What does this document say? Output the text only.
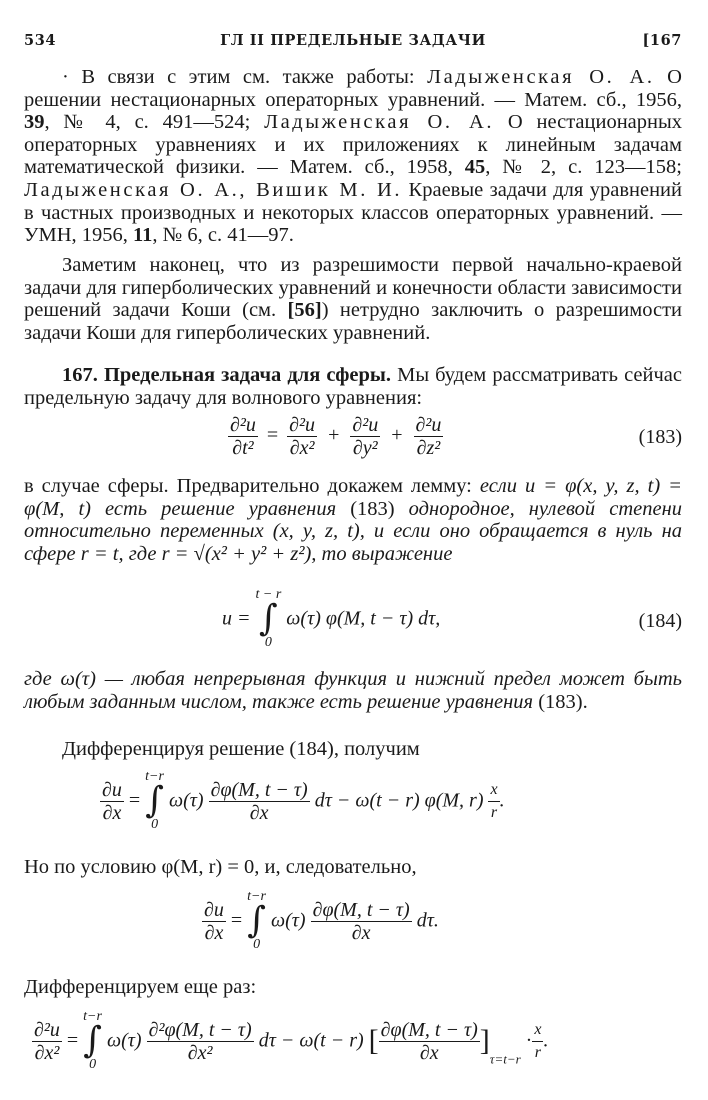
534	ГЛ II ПРЕДЕЛЬНЫЕ ЗАДАЧИ	[167

· В связи с этим см. также работы: Ладыженская О. А. О решении нестационарных операторных уравнений. — Матем. сб., 1956, 39, № 4, с. 491—524; Ладыженская О. А. О нестационарных операторных уравнениях и их приложениях к линейным задачам математической физики. — Матем. сб., 1958, 45, № 2, с. 123—158; Ладыженская О. А., Вишик М. И. Краевые задачи для уравнений в частных производных и некоторых классов операторных уравнений. — УМН, 1956, 11, № 6, с. 41—97.

Заметим наконец, что из разрешимости первой начально-краевой задачи для гиперболических уравнений и конечности области зависимости решений задачи Коши (см. [56]) нетрудно заключить о разрешимости задачи Коши для гиперболических уравнений.

167. Предельная задача для сферы. Мы будем рассматривать сейчас предельную задачу для волнового уравнения:

$\frac{\text{∂²u}}{\text{∂t²}} = \frac{\text{∂²u}}{\text{∂x²}} + \frac{\text{∂²u}}{\text{∂y²}} + \frac{\text{∂²u}}{\text{∂z²}}$	(183)

в случае сферы. Предварительно докажем лемму: если u = φ(x, y, z, t) = φ(M, t) есть решение уравнения (183) однородное, нулевой степени относительно переменных (x, y, z, t), и если оно обращается в нуль на сфере r = t, где r = √(x² + y² + z²), то выражение

u =
t − r
∫
0
ω(τ) φ(M, t − τ) dτ,	(184)

где ω(τ) — любая непрерывная функция и нижний предел может быть любым заданным числом, также есть решение уравнения (183).

Дифференцируя решение (184), получим

$\frac{\partial u}{\partial x}$ =
t−r
∫
0
$\omega(\tau) \frac{\partial\varphi(M, t - \tau)}{\partial x}$ dτ − ω(t − r) φ(M, $r) \frac{x}{r}$ .

Но по условию φ(M, r) = 0, и, следовательно,

$\frac{\partial u}{\partial x}$ =
t−r
∫
0
$\omega(\tau) \frac{\partial\varphi(M, t - \tau)}{\partial x} d\tau$.

Дифференцируем еще раз:

$\frac{\text{∂²u}}{\text{∂x²}}$ =
t−r
∫
0
$\omega(\tau) \frac{\text{∂²φ(M, t − τ)}}{\text{∂x²}}$ dτ − ω(t − r) [ $\frac{\partial\varphi(M, t - \tau)}{\partial x} ]_{\tau=t-r} \cdot \frac{x}{r}$ .
